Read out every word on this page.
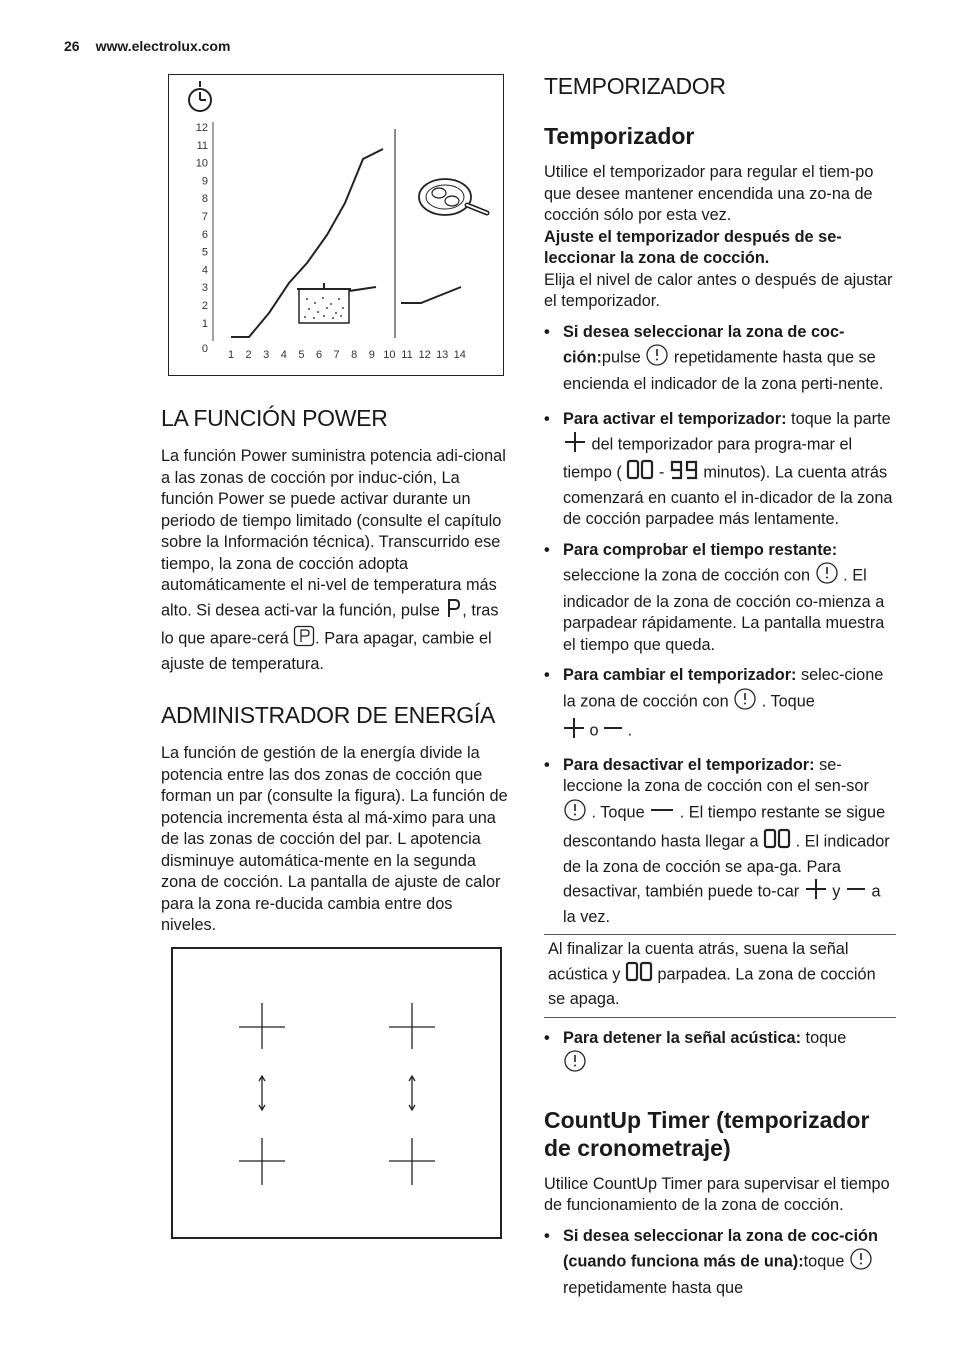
26 www.electrolux.com
12
11
10
9
8
7
6
5
4
3
2
1
0 1 2 3 4 5 6 7 8 9 10 11 12 13 14
LA FUNCIÓN POWER

La función Power suministra potencia adi-cional a las zonas de cocción por induc-ción, La función Power se puede activar durante un periodo de tiempo limitado (consulte el capítulo sobre la Información técnica). Transcurrido ese tiempo, la zona de cocción adopta automáticamente el ni-vel de temperatura más alto. Si desea acti-var la función, pulse , tras lo que apare-cerá . Para apagar, cambie el ajuste de temperatura.

ADMINISTRADOR DE ENERGÍA

La función de gestión de la energía divide la potencia entre las dos zonas de cocción que forman un par (consulte la figura). La función de potencia incrementa ésta al má-ximo para una de las zonas de cocción del par. L apotencia disminuye automática-mente en la segunda zona de cocción. La pantalla de ajuste de calor para la zona re-ducida cambia entre dos niveles.

TEMPORIZADOR
Temporizador

Utilice el temporizador para regular el tiem-po que desee mantener encendida una zo-na de cocción sólo por esta vez.

Ajuste el temporizador después de se-leccionar la zona de cocción.

Elija el nivel de calor antes o después de ajustar el temporizador.

• Si desea seleccionar la zona de coc-ción:pulse repetidamente hasta que se encienda el indicador de la zona perti-nente.
• Para activar el temporizador: toque la parte  del temporizador para progra-mar el tiempo ( - minutos). La cuenta atrás comenzará en cuanto el in-dicador de la zona de cocción parpadee más lentamente.
• Para comprobar el tiempo restante: seleccione la zona de cocción con . El indicador de la zona de cocción co-mienza a parpadear rápidamente. La pantalla muestra el tiempo que queda.
• Para cambiar el temporizador: selec-cione la zona de cocción con . Toque
o .
• Para desactivar el temporizador: se-leccione la zona de cocción con el sen-sor  . Toque . El tiempo restante se sigue descontando hasta llegar a . El indicador de la zona de cocción se apa-ga. Para desactivar, también puede to-car y a la vez.
Al finalizar la cuenta atrás, suena la señal acústica y parpadea. La zona de cocción se apaga.
• Para detener la señal acústica: toque

CountUp Timer (temporizador de cronometraje)

Utilice CountUp Timer para supervisar el tiempo de funcionamiento de la zona de cocción.

• Si desea seleccionar la zona de coc-ción (cuando funciona más de una):toque  repetidamente hasta que
